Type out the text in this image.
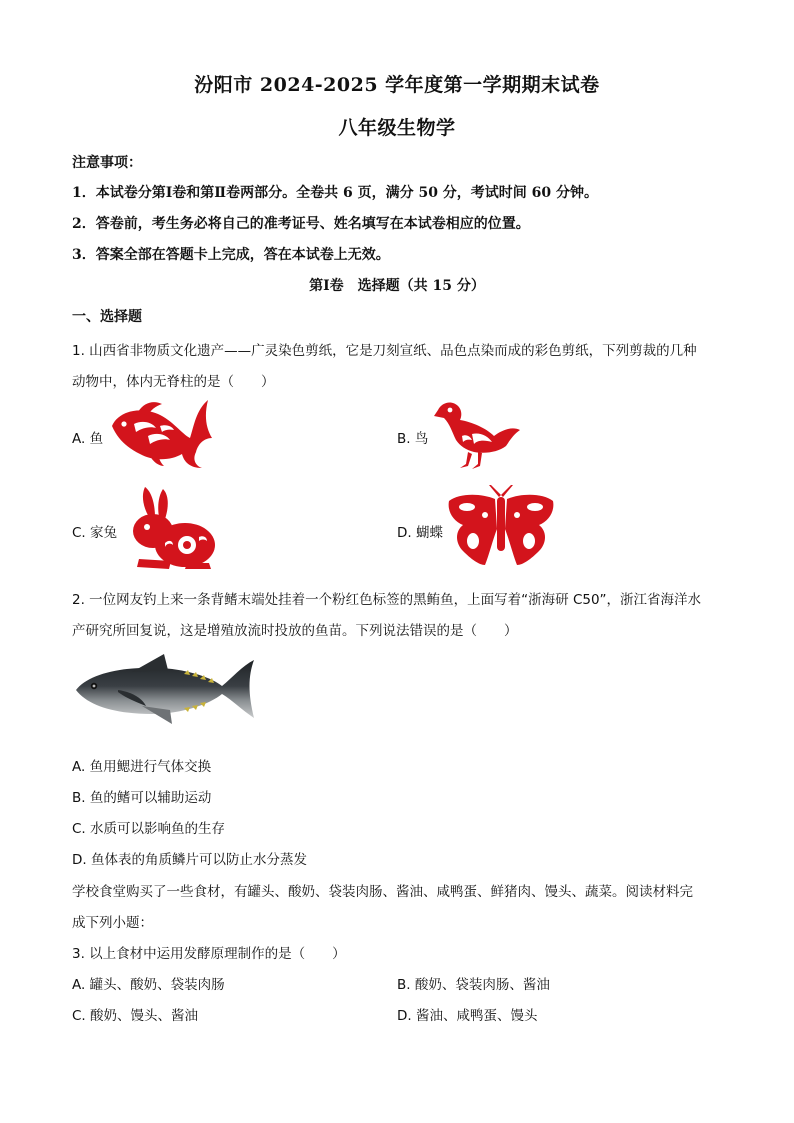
汾阳市 2024-2025 学年度第一学期期末试卷
八年级生物学
注意事项：
1．本试卷分第Ⅰ卷和第Ⅱ卷两部分。全卷共 6 页，满分 50 分，考试时间 60 分钟。
2．答卷前，考生务必将自己的准考证号、姓名填写在本试卷相应的位置。
3．答案全部在答题卡上完成，答在本试卷上无效。
第Ⅰ卷　选择题（共 15 分）
一、选择题
1. 山西省非物质文化遗产——广灵染色剪纸，它是刀刻宣纸、品色点染而成的彩色剪纸，下列剪裁的几种
动物中，体内无脊柱的是（　　）
A. 鱼	B. 鸟
C. 家兔	D. 蝴蝶
2. 一位网友钓上来一条背鳍末端处挂着一个粉红色标签的黑鲔鱼，上面写着“浙海研 C50”，浙江省海洋水
产研究所回复说，这是增殖放流时投放的鱼苗。下列说法错误的是（　　）
A. 鱼用鳃进行气体交换
B. 鱼的鳍可以辅助运动
C. 水质可以影响鱼的生存
D. 鱼体表的角质鳞片可以防止水分蒸发
学校食堂购买了一些食材，有罐头、酸奶、袋装肉肠、酱油、咸鸭蛋、鲜猪肉、馒头、蔬菜。阅读材料完
成下列小题：
3. 以上食材中运用发酵原理制作的是（　　）
A. 罐头、酸奶、袋装肉肠	B. 酸奶、袋装肉肠、酱油
C. 酸奶、馒头、酱油	D. 酱油、咸鸭蛋、馒头
